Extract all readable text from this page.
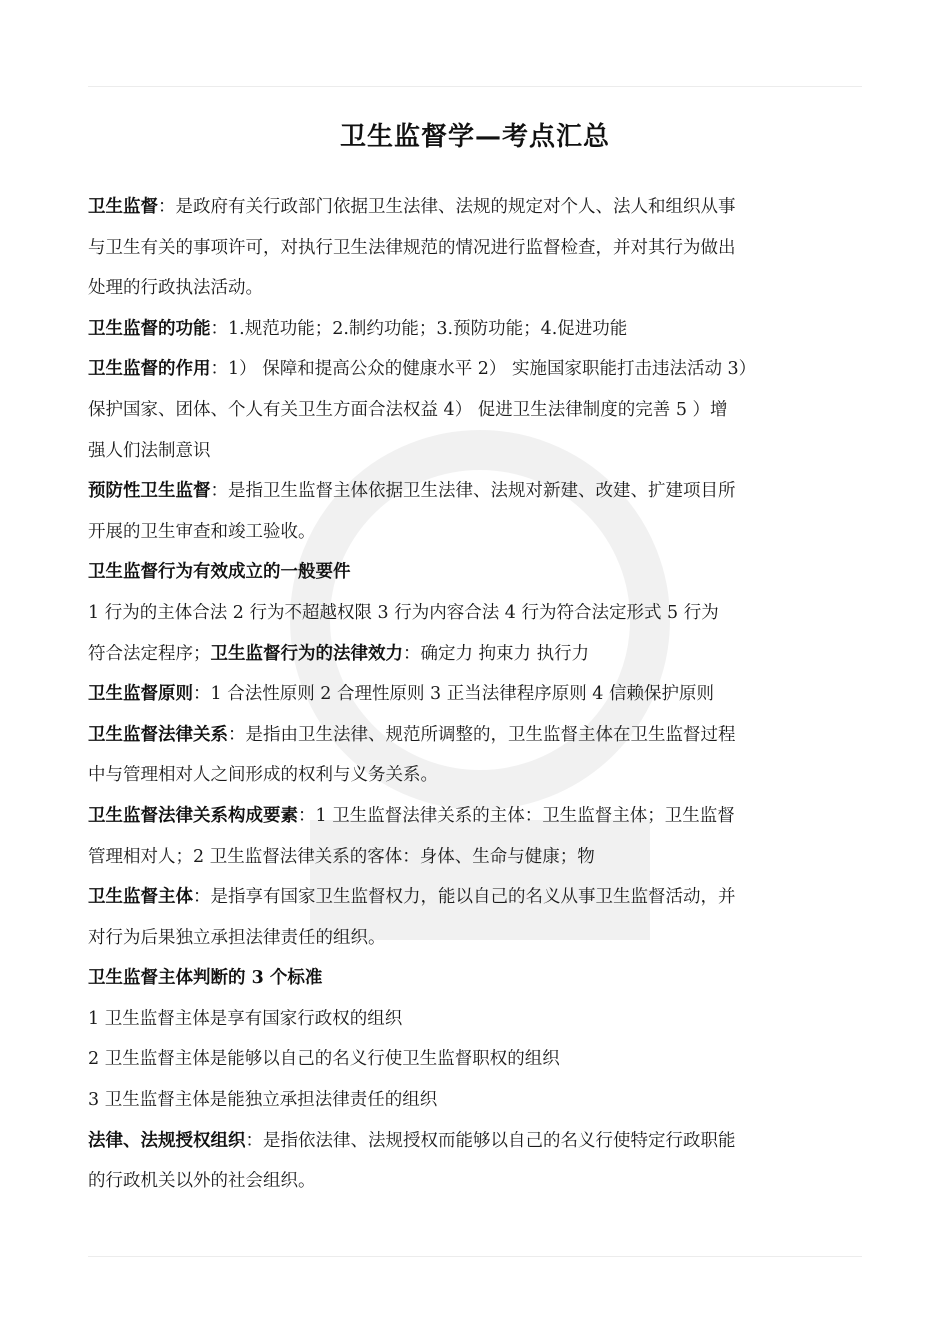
卫生监督学—考点汇总
卫生监督：是政府有关行政部门依据卫生法律、法规的规定对个人、法人和组织从事
与卫生有关的事项许可，对执行卫生法律规范的情况进行监督检查，并对其行为做出
处理的行政执法活动。
卫生监督的功能：1.规范功能；2.制约功能；3.预防功能；4.促进功能
卫生监督的作用：1） 保障和提高公众的健康水平 2） 实施国家职能打击违法活动 3）
保护国家、团体、个人有关卫生方面合法权益 4） 促进卫生法律制度的完善 5 ）增
强人们法制意识
预防性卫生监督：是指卫生监督主体依据卫生法律、法规对新建、改建、扩建项目所
开展的卫生审查和竣工验收。
卫生监督行为有效成立的一般要件
1 行为的主体合法 2 行为不超越权限 3 行为内容合法 4 行为符合法定形式 5 行为
符合法定程序；卫生监督行为的法律效力：确定力 拘束力 执行力
卫生监督原则：1 合法性原则 2 合理性原则 3 正当法律程序原则 4 信赖保护原则
卫生监督法律关系：是指由卫生法律、规范所调整的，卫生监督主体在卫生监督过程
中与管理相对人之间形成的权利与义务关系。
卫生监督法律关系构成要素：1 卫生监督法律关系的主体：卫生监督主体；卫生监督
管理相对人；2 卫生监督法律关系的客体：身体、生命与健康；物
卫生监督主体：是指享有国家卫生监督权力，能以自己的名义从事卫生监督活动，并
对行为后果独立承担法律责任的组织。
卫生监督主体判断的 3 个标准
1 卫生监督主体是享有国家行政权的组织
2 卫生监督主体是能够以自己的名义行使卫生监督职权的组织
3 卫生监督主体是能独立承担法律责任的组织
法律、法规授权组织：是指依法律、法规授权而能够以自己的名义行使特定行政职能
的行政机关以外的社会组织。
